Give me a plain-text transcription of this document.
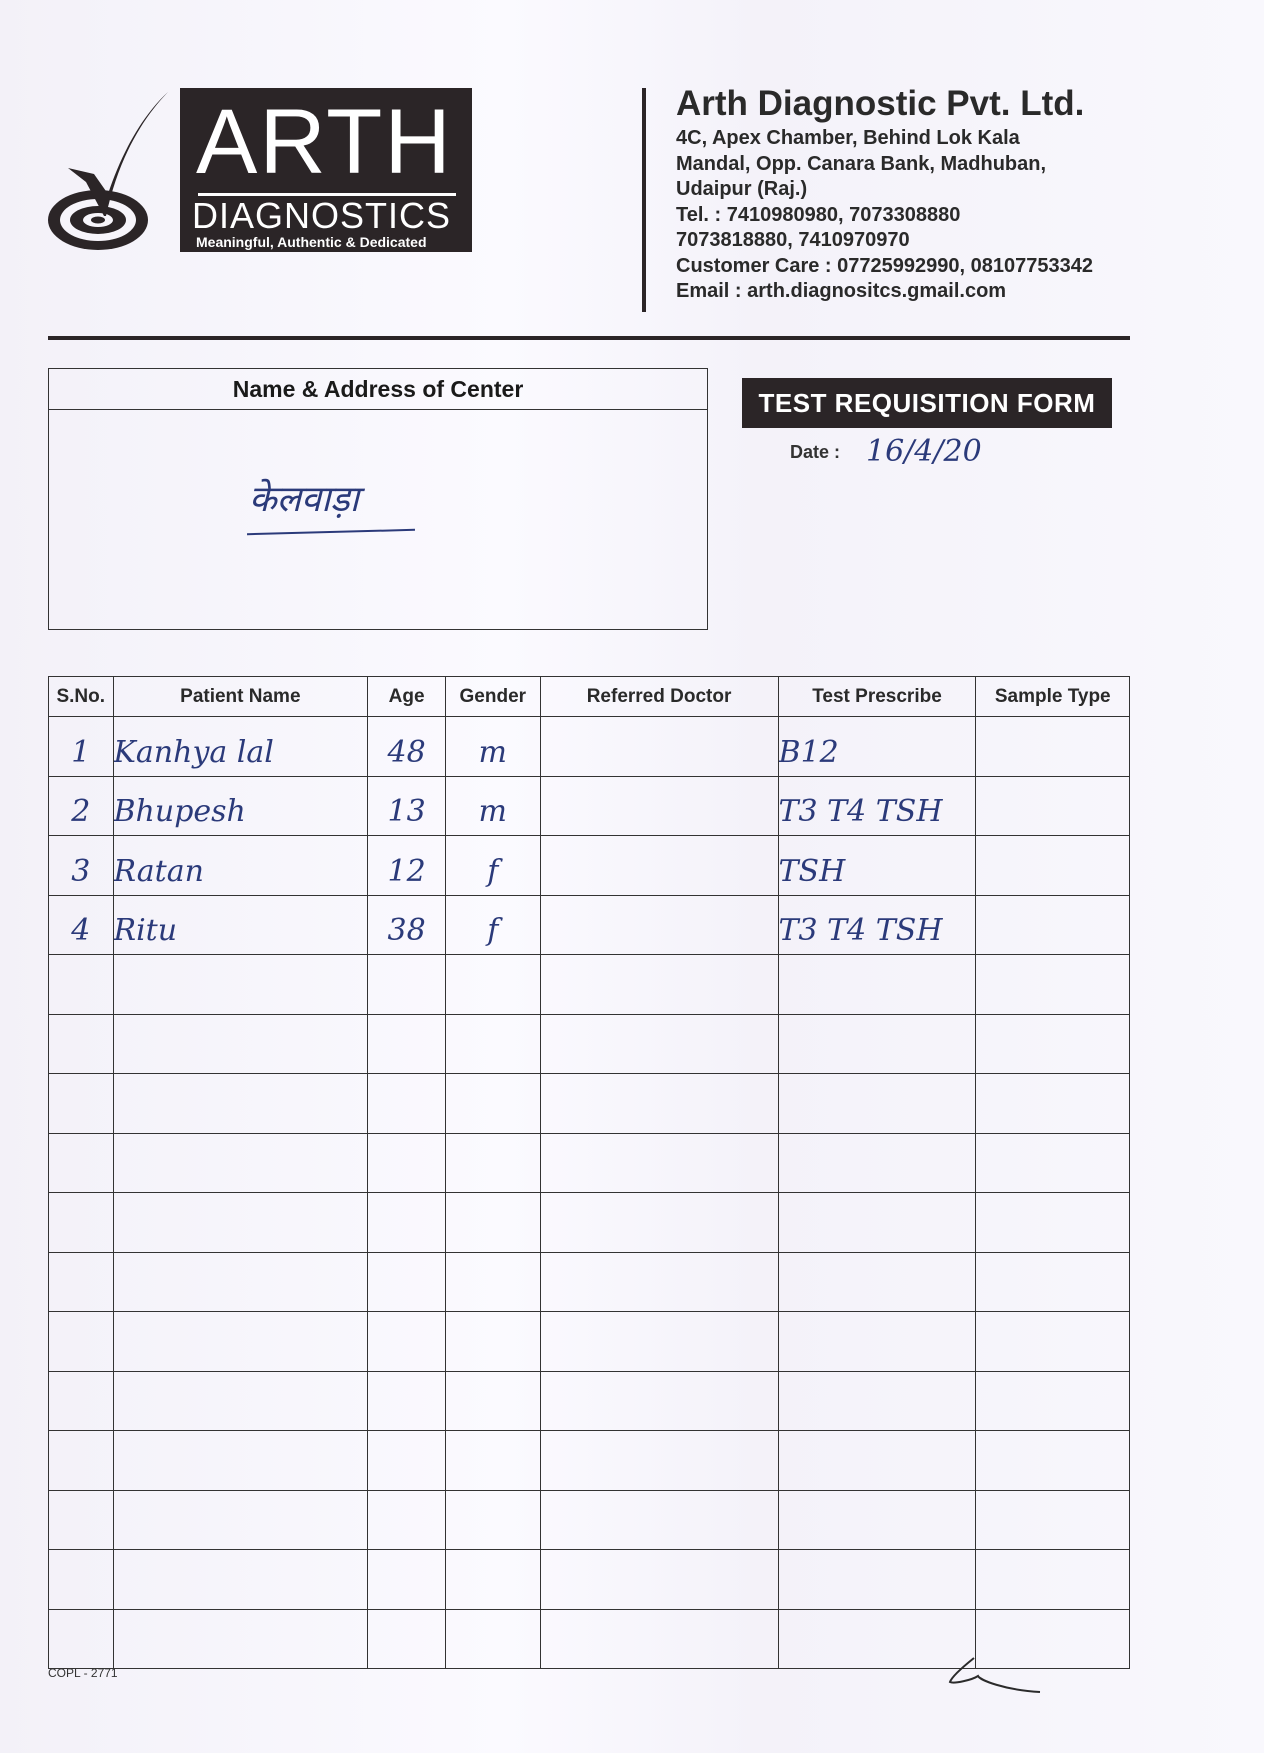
ARTH
DIAGNOSTICS
Meaningful, Authentic & Dedicated
Arth Diagnostic Pvt. Ltd.
4C, Apex Chamber, Behind Lok Kala
Mandal, Opp. Canara Bank, Madhuban,
Udaipur (Raj.)
Tel. : 7410980980, 7073308880
7073818880, 7410970970
Customer Care : 07725992990, 08107753342
Email : arth.diagnositcs.gmail.com
Name & Address of Center
केलवाड़ा
TEST REQUISITION FORM
Date : 16/4/20
S.No.	Patient Name	Age	Gender	Referred Doctor	Test Prescribe	Sample Type
1	Kanhya lal	48	m		B12	
2	Bhupesh	13	m		T3 T4 TSH	
3	Ratan	12	f		TSH	
4	Ritu	38	f		T3 T4 TSH	

COPL - 2771
